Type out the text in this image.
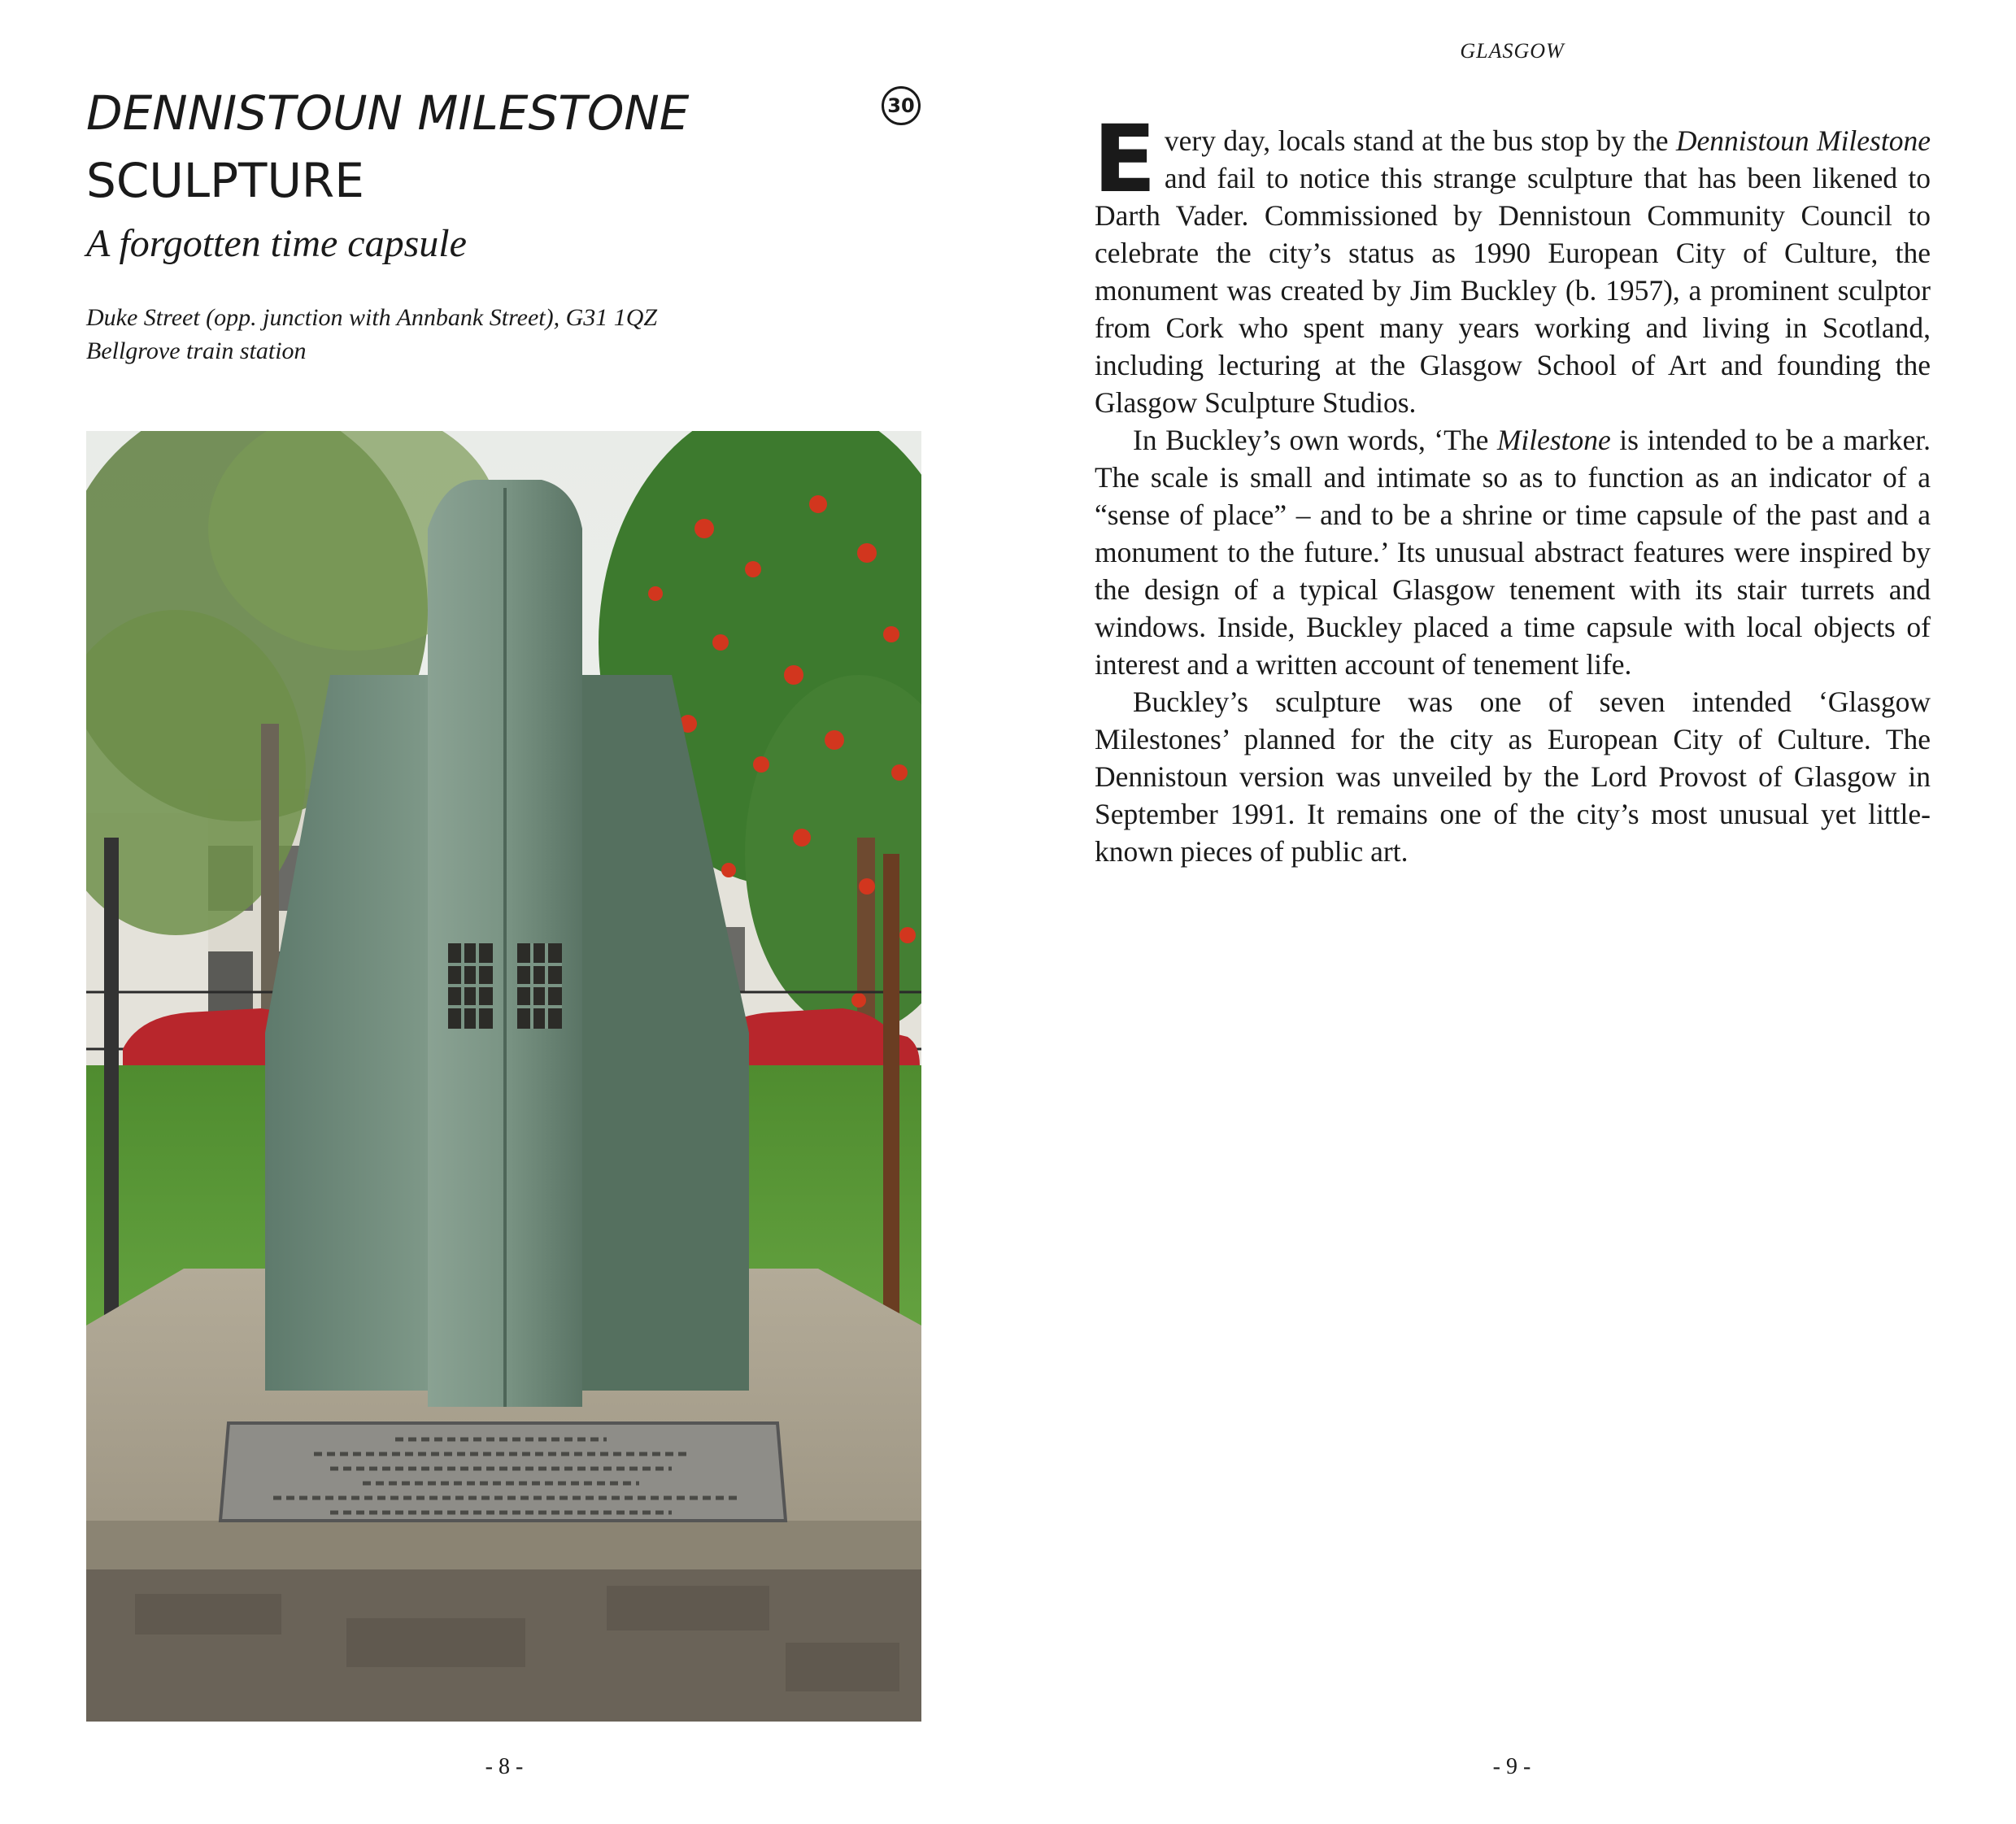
DENNISTOUN MILESTONE
SCULPTURE
30
A forgotten time capsule
Duke Street (opp. junction with Annbank Street), G31 1QZ
Bellgrove train station
- 8 -
GLASGOW

Every day, locals stand at the bus stop by the Dennistoun Milestone and fail to notice this strange sculpture that has been likened to Darth Vader. Commissioned by Dennistoun Community Council to celebrate the city’s status as 1990 European City of Culture, the monument was created by Jim Buckley (b. 1957), a prominent sculptor from Cork who spent many years working and living in Scotland, including lecturing at the Glasgow School of Art and founding the Glasgow Sculpture Studios.

In Buckley’s own words, ‘The Milestone is intended to be a marker. The scale is small and intimate so as to function as an indicator of a “sense of place” – and to be a shrine or time capsule of the past and a monument to the future.’ Its unusual abstract features were inspired by the design of a typical Glasgow tenement with its stair turrets and windows. Inside, Buckley placed a time capsule with local objects of interest and a written account of tenement life.

Buckley’s sculpture was one of seven intended ‘Glasgow Milestones’ planned for the city as European City of Culture. The Dennistoun version was unveiled by the Lord Provost of Glasgow in September 1991. It remains one of the city’s most unusual yet little-known pieces of public art.

- 9 -
